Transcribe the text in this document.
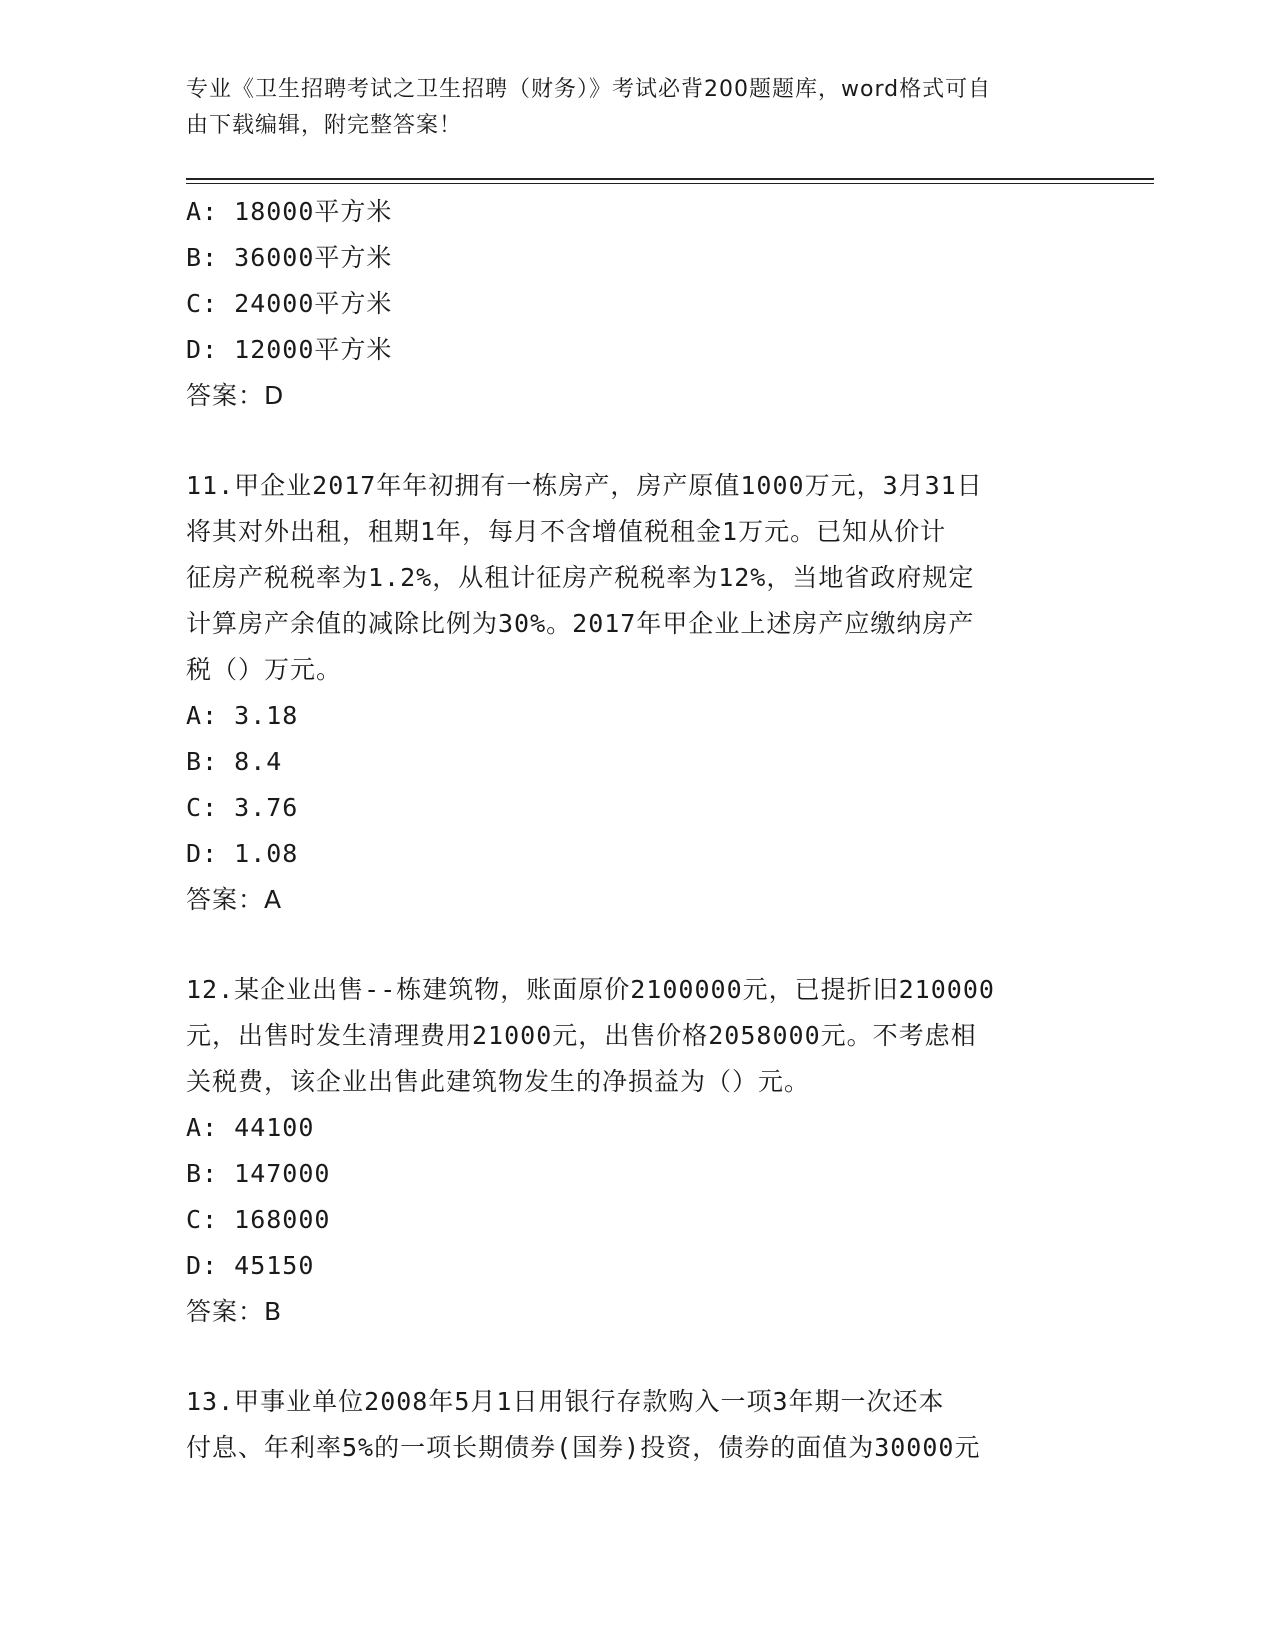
专业《卫生招聘考试之卫生招聘（财务）》考试必背200题题库，word格式可自
由下载编辑，附完整答案！
A: 18000平方米
B: 36000平方米
C: 24000平方米
D: 12000平方米
答案：D
11.甲企业2017年年初拥有一栋房产，房产原值1000万元，3月31日
将其对外出租，租期1年，每月不含增值税租金1万元。已知从价计
征房产税税率为1.2%，从租计征房产税税率为12%，当地省政府规定
计算房产余值的减除比例为30%。2017年甲企业上述房产应缴纳房产
税（）万元。
A: 3.18
B: 8.4
C: 3.76
D: 1.08
答案：A
12.某企业出售--栋建筑物，账面原价2100000元，已提折旧210000
元，出售时发生清理费用21000元，出售价格2058000元。不考虑相
关税费，该企业出售此建筑物发生的净损益为（）元。
A: 44100
B: 147000
C: 168000
D: 45150
答案：B
13.甲事业单位2008年5月1日用银行存款购入一项3年期一次还本
付息、年利率5%的一项长期债券(国券)投资，债券的面值为30000元
